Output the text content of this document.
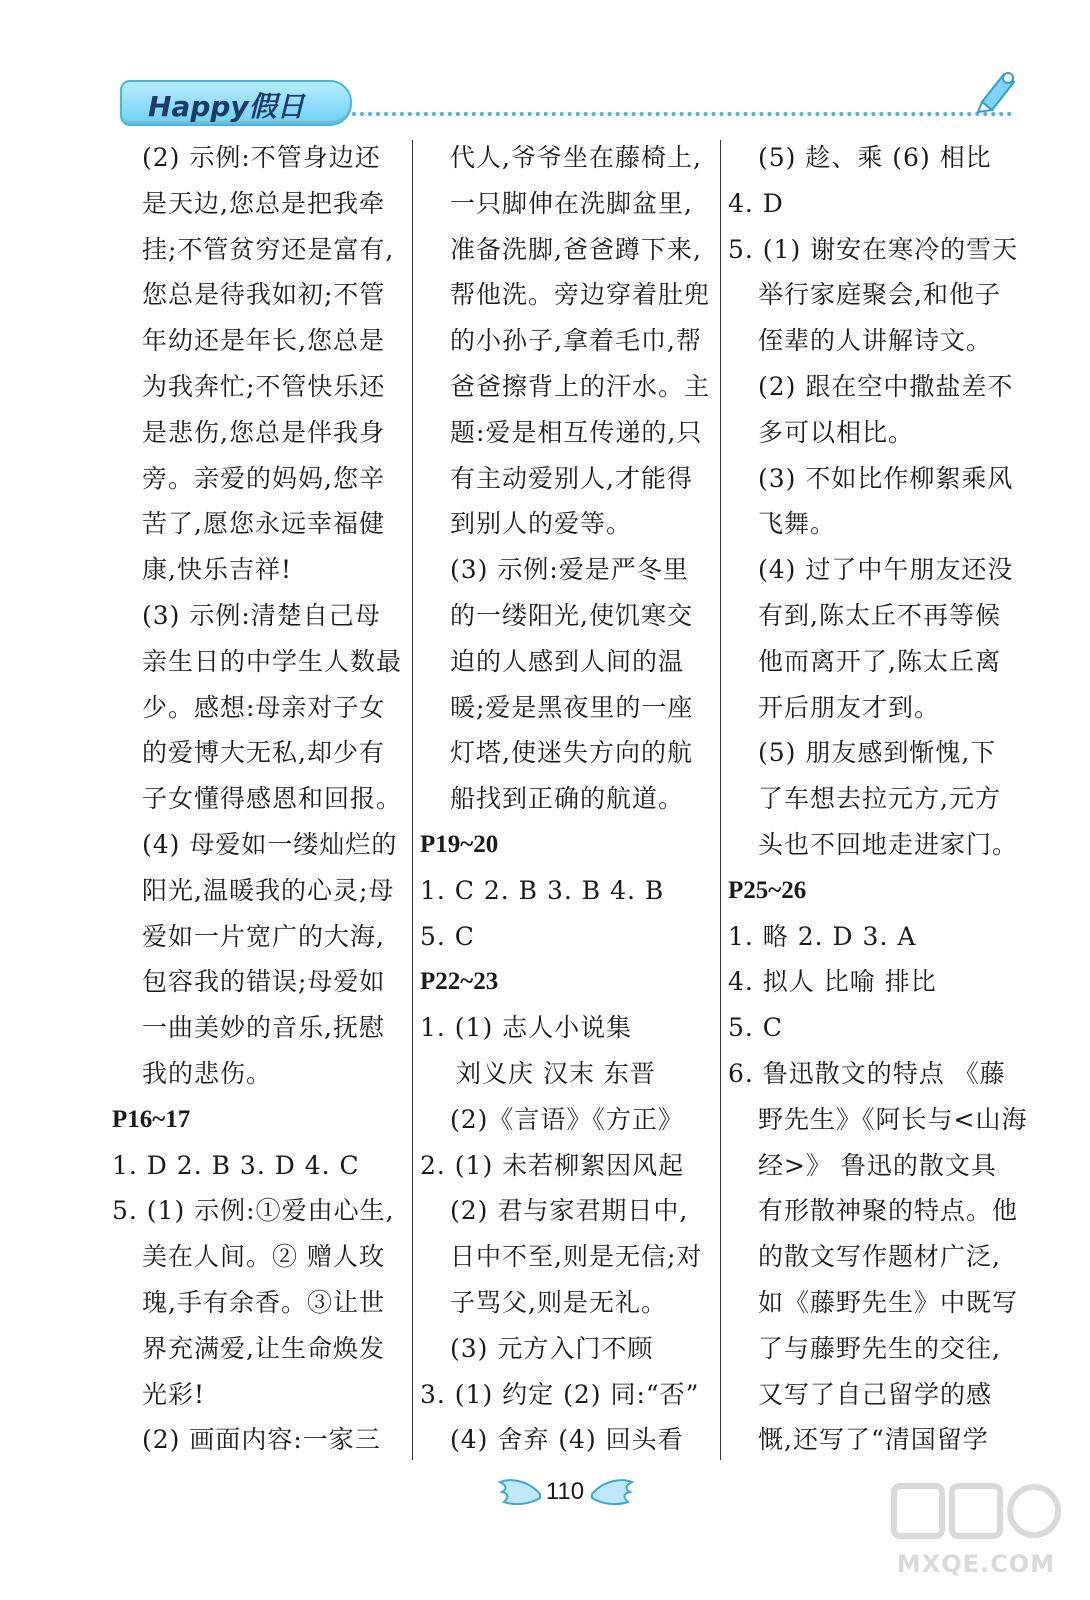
Happy假日
(2) 示例:不管身边还
是天边,您总是把我牵
挂;不管贫穷还是富有,
您总是待我如初;不管
年幼还是年长,您总是
为我奔忙;不管快乐还
是悲伤,您总是伴我身
旁。亲爱的妈妈,您辛
苦了,愿您永远幸福健
康,快乐吉祥!
(3) 示例:清楚自己母
亲生日的中学生人数最
少。感想:母亲对子女
的爱博大无私,却少有
子女懂得感恩和回报。
(4) 母爱如一缕灿烂的
阳光,温暖我的心灵;母
爱如一片宽广的大海,
包容我的错误;母爱如
一曲美妙的音乐,抚慰
我的悲伤。
P16~17
1. D 2. B 3. D 4. C
5. (1) 示例:①爱由心生,
美在人间。② 赠人玫
瑰,手有余香。③让世
界充满爱,让生命焕发
光彩!
(2) 画面内容:一家三
代人,爷爷坐在藤椅上,
一只脚伸在洗脚盆里,
准备洗脚,爸爸蹲下来,
帮他洗。旁边穿着肚兜
的小孙子,拿着毛巾,帮
爸爸擦背上的汗水。主
题:爱是相互传递的,只
有主动爱别人,才能得
到别人的爱等。
(3) 示例:爱是严冬里
的一缕阳光,使饥寒交
迫的人感到人间的温
暖;爱是黑夜里的一座
灯塔,使迷失方向的航
船找到正确的航道。
P19~20
1. C 2. B 3. B 4. B
5. C
P22~23
1. (1) 志人小说集
刘义庆 汉末 东晋
(2)《言语》《方正》
2. (1) 未若柳絮因风起
(2) 君与家君期日中,
日中不至,则是无信;对
子骂父,则是无礼。
(3) 元方入门不顾
3. (1) 约定 (2) 同:“否”
(4) 舍弃 (4) 回头看
(5) 趁、乘 (6) 相比
4. D
5. (1) 谢安在寒冷的雪天
举行家庭聚会,和他子
侄辈的人讲解诗文。
(2) 跟在空中撒盐差不
多可以相比。
(3) 不如比作柳絮乘风
飞舞。
(4) 过了中午朋友还没
有到,陈太丘不再等候
他而离开了,陈太丘离
开后朋友才到。
(5) 朋友感到惭愧,下
了车想去拉元方,元方
头也不回地走进家门。
P25~26
1. 略 2. D 3. A
4. 拟人 比喻 排比
5. C
6. 鲁迅散文的特点 《藤
野先生》《阿长与<山海
经>》 鲁迅的散文具
有形散神聚的特点。他
的散文写作题材广泛,
如《藤野先生》中既写
了与藤野先生的交往,
又写了自己留学的感
慨,还写了“清国留学
110
MXQE.COM
